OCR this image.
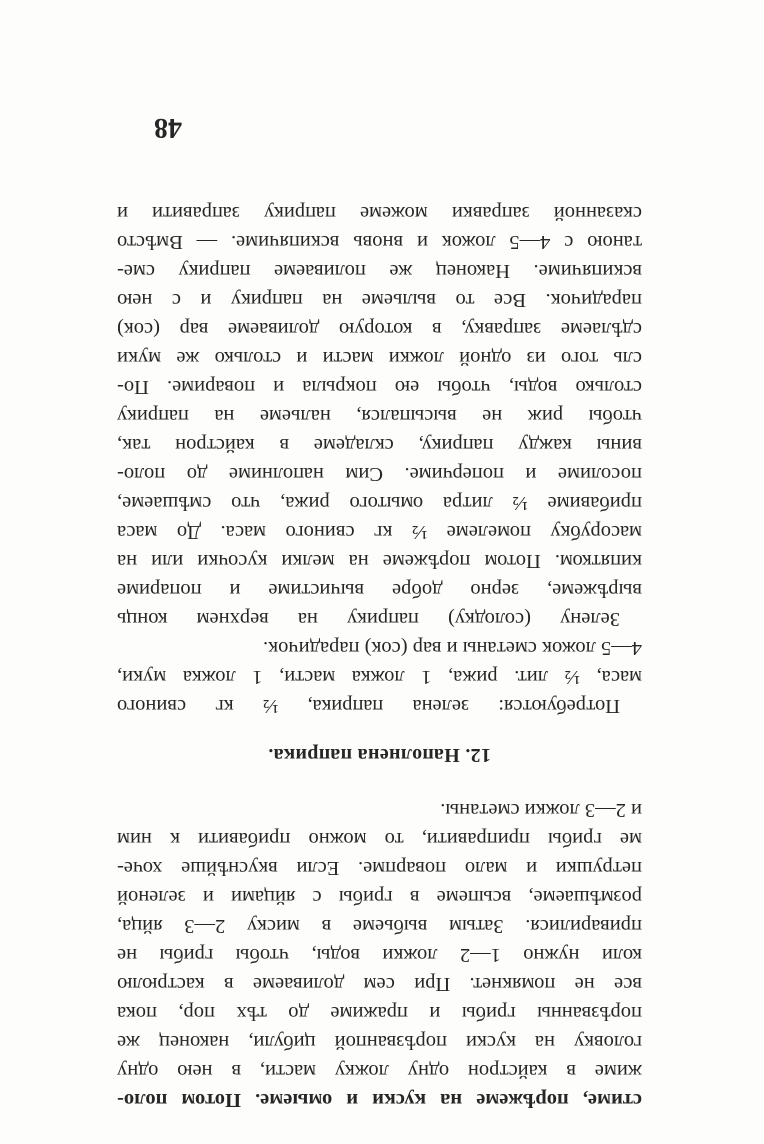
стиме, порѣжеме на куски и омыеме. Потом поло-
жиме в кайстрон одну ложку масти, в нею одну
головку на куски порѣзванпой цибули, наконец же
порѣзванны грибы и пражиме до тѣх пор, пока
все не помякнет. При сем доливаеме в кастрюлю
коли нужно 1—2 ложки воды, чтобы грибы не
приварилися. Затым выбьеме в миску 2—3 яйца,
розмѣшаеме, всыпеме в грибы с яйцами и зеленой
петрушки и мало поварпме. Если вкуснѣйше хоче-
ме грибы приправити, то можно прибавити к ним
и 2—3 ложки сметаны.
12. Наполнена паприка.
Потребуются: зелена паприка, ½ кг свиного
маса, ½ лит. рижа, 1 ложка масти, 1 ложка муки,
4—5 ложок сметаны и вар (сок) парадичок.
Зелену (солодку) паприку на верхнем конць
вырѣжеме, зерно добре вычистиме и попариме
кипятком. Потом порѣжеме на мелки кусочки или на
масорубку помелеме ½ кг свиного маса. До маса
прибавиме ½ литра омытого рижа, что смѣшаеме,
посолиме и поперчиме. Сим наполниме до поло-
вины кажду паприку, складеме в кайстрон так,
чтобы риж не высыпался, нальеме на паприку
столько воды, чтобы ею покрыла и повариме. По-
сль того из одной ложки масти и столько же муки
сдѣлаеме заправку, в которую доливаеме вар (сок)
парадичок. Все то выльеме на паприку и с нею
вскипячиме. Наконец же поливаеме паприку сме-
таною с 4—5 ложок и вновь вскипячиме. — Вмѣсто
сказанной заправки можеме паприку заправити и
48
